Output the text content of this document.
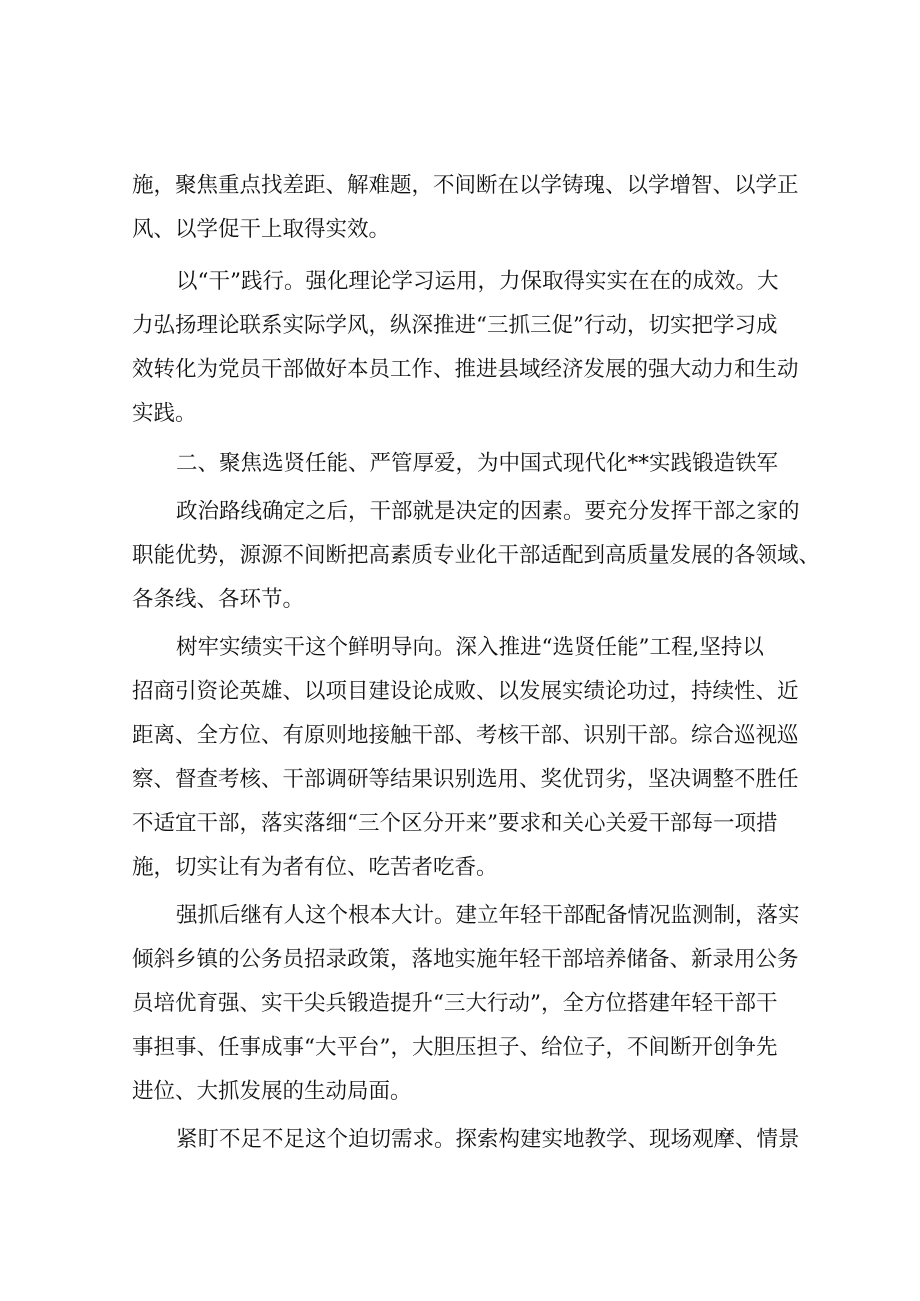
施，聚焦重点找差距、解难题，不间断在以学铸瑰、以学增智、以学正
风、以学促干上取得实效。
以“干”践行。强化理论学习运用，力保取得实实在在的成效。大
力弘扬理论联系实际学风，纵深推进“三抓三促”行动，切实把学习成
效转化为党员干部做好本员工作、推进县域经济发展的强大动力和生动
实践。
二、聚焦选贤任能、严管厚爱，为中国式现代化**实践锻造铁军
政治路线确定之后，干部就是决定的因素。要充分发挥干部之家的
职能优势，源源不间断把高素质专业化干部适配到高质量发展的各领域、
各条线、各环节。
树牢实绩实干这个鲜明导向。深入推进“选贤任能”工程,坚持以
招商引资论英雄、以项目建设论成败、以发展实绩论功过，持续性、近
距离、全方位、有原则地接触干部、考核干部、识别干部。综合巡视巡
察、督查考核、干部调研等结果识别选用、奖优罚劣，坚决调整不胜任
不适宜干部，落实落细“三个区分开来”要求和关心关爱干部每一项措
施，切实让有为者有位、吃苦者吃香。
强抓后继有人这个根本大计。建立年轻干部配备情况监测制，落实
倾斜乡镇的公务员招录政策，落地实施年轻干部培养储备、新录用公务
员培优育强、实干尖兵锻造提升“三大行动”，全方位搭建年轻干部干
事担事、任事成事“大平台”，大胆压担子、给位子，不间断开创争先
进位、大抓发展的生动局面。
紧盯不足不足这个迫切需求。探索构建实地教学、现场观摩、情景
